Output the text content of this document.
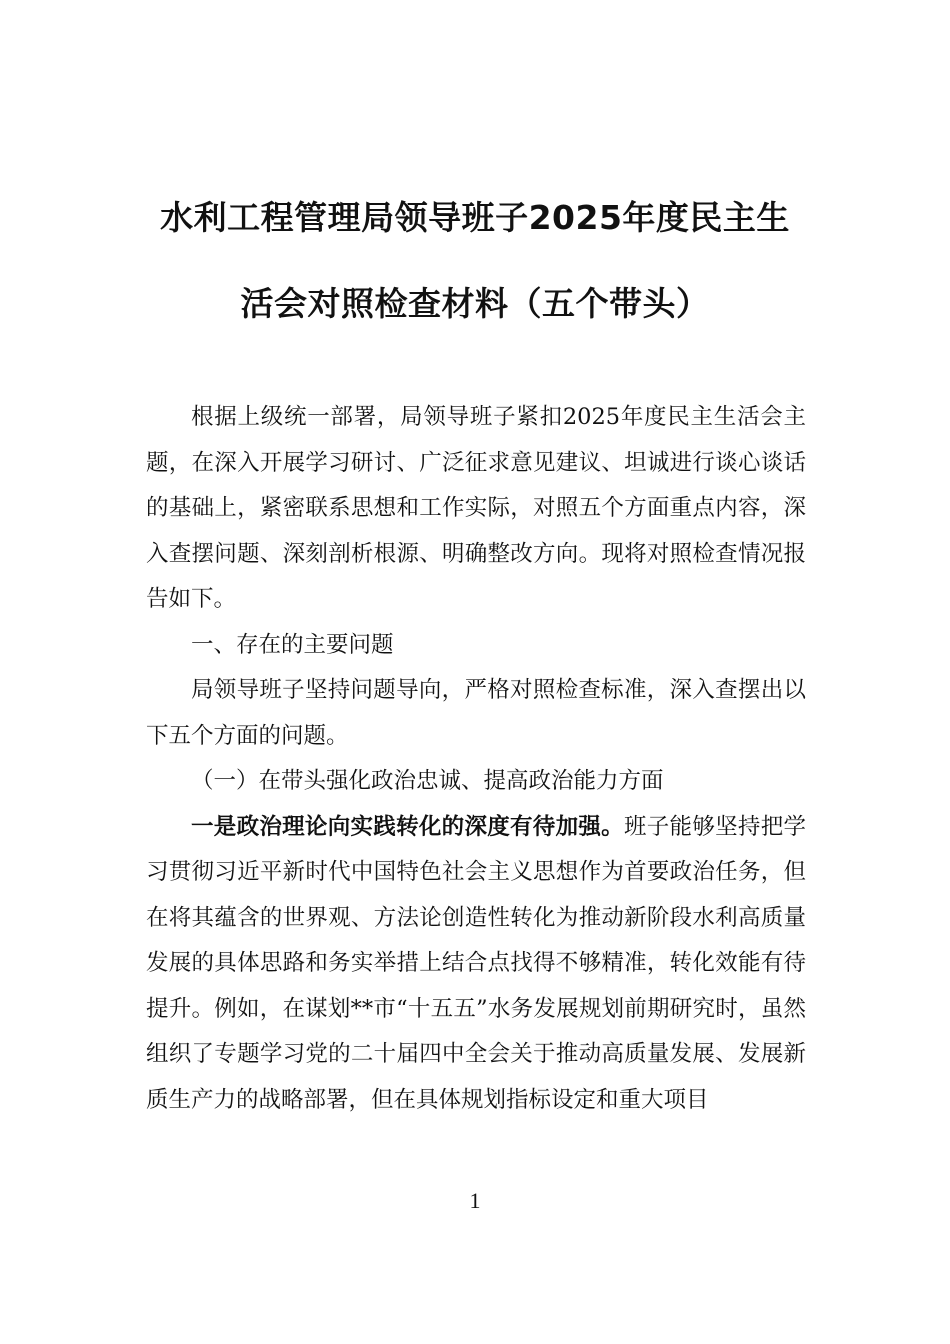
水利工程管理局领导班子2025年度民主生
活会对照检查材料（五个带头）

根据上级统一部署，局领导班子紧扣2025年度民主生活会主题，在深入开展学习研讨、广泛征求意见建议、坦诚进行谈心谈话的基础上，紧密联系思想和工作实际，对照五个方面重点内容，深入查摆问题、深刻剖析根源、明确整改方向。现将对照检查情况报告如下。

一、存在的主要问题

局领导班子坚持问题导向，严格对照检查标准，深入查摆出以下五个方面的问题。

（一）在带头强化政治忠诚、提高政治能力方面

一是政治理论向实践转化的深度有待加强。班子能够坚持把学习贯彻习近平新时代中国特色社会主义思想作为首要政治任务，但在将其蕴含的世界观、方法论创造性转化为推动新阶段水利高质量发展的具体思路和务实举措上结合点找得不够精准，转化效能有待提升。例如，在谋划**市“十五五”水务发展规划前期研究时，虽然组织了专题学习党的二十届四中全会关于推动高质量发展、发展新质生产力的战略部署，但在具体规划指标设定和重大项目

1
